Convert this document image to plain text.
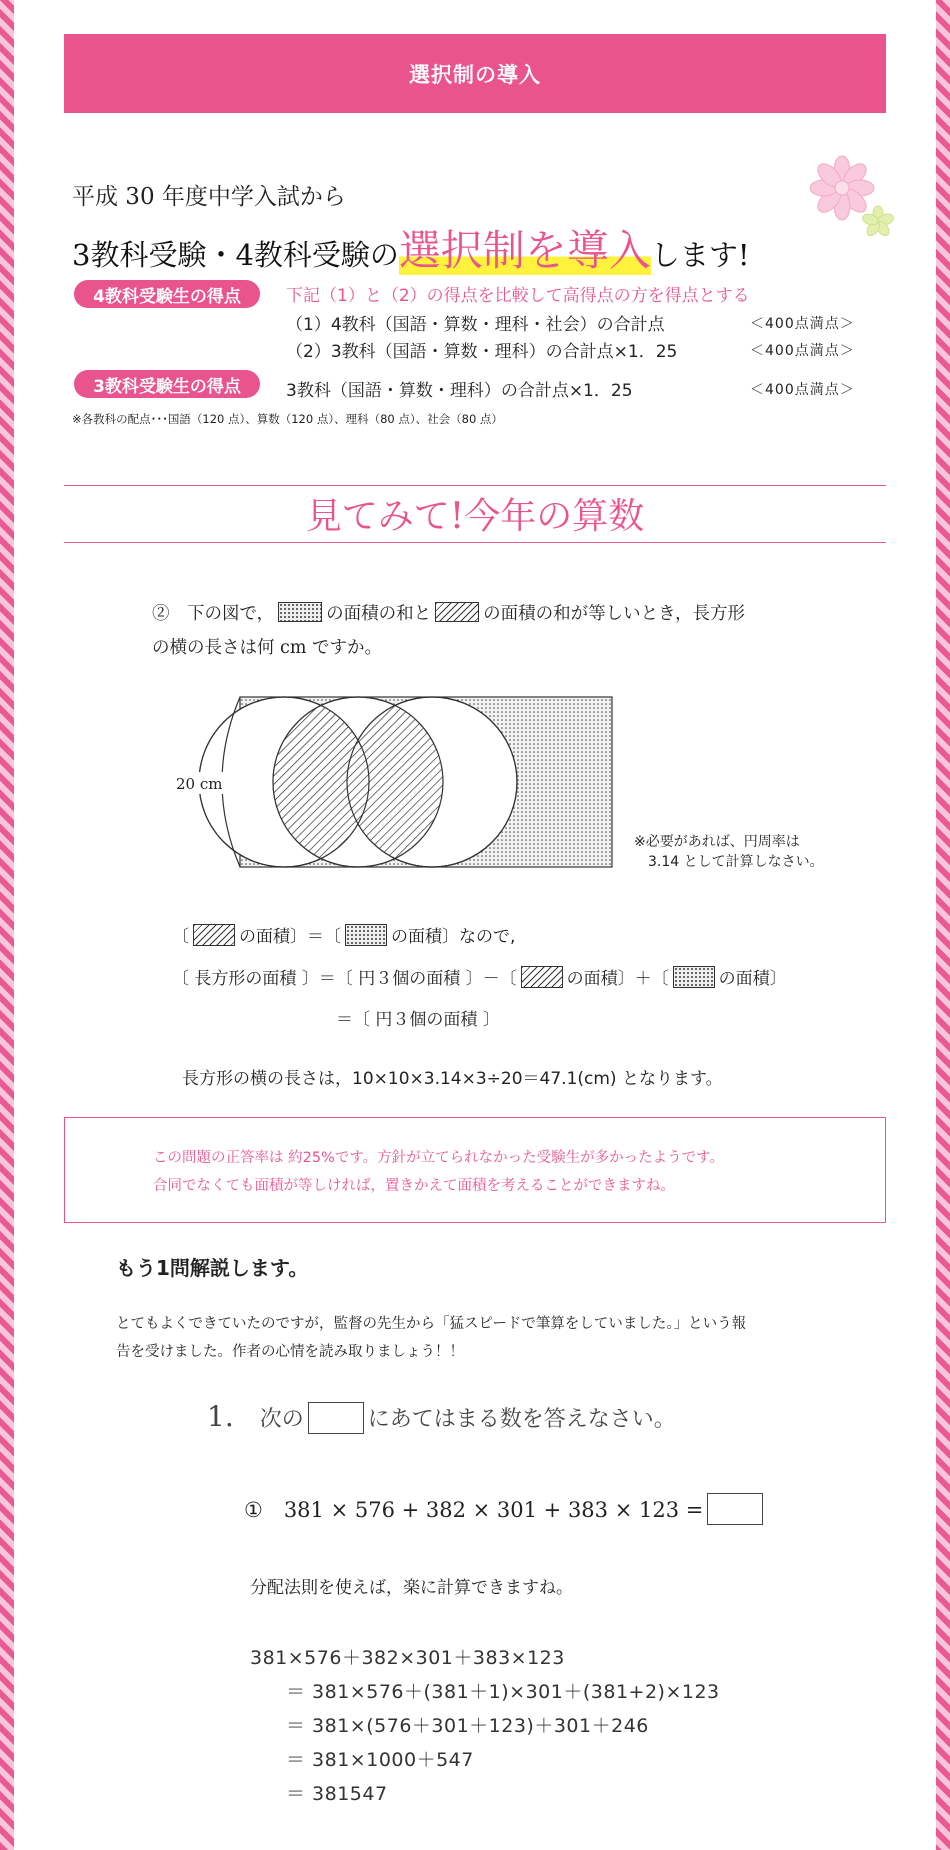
選択制の導入
平成 30 年度中学入試から
3教科受験・4教科受験の選択制を導入します!
4教科受験生の得点	下記（1）と（2）の得点を比較して高得点の方を得点とする
（1）4教科（国語・算数・理科・社会）の合計点	＜400点満点＞
（2）3教科（国語・算数・理科）の合計点×1．25	＜400点満点＞
3教科受験生の得点	3教科（国語・算数・理科）の合計点×1．25	＜400点満点＞
※各教科の配点･･･国語（120 点）、算数（120 点）、理科（80 点）、社会（80 点）
見てみて!今年の算数
②　下の図で，	の面積の和と	の面積の和が等しいとき，長方形
の横の長さは何 cm ですか。
20 cm
※必要があれば、円周率は
3.14 として計算しなさい。
〔	の面積〕＝〔	の面積〕なので,
〔 長方形の面積 〕＝〔 円３個の面積 〕－〔	の面積〕＋〔	の面積〕
＝〔 円３個の面積 〕
長方形の横の長さは，10×10×3.14×3÷20＝47.1(cm) となります。
この問題の正答率は 約25%です。方針が立てられなかった受験生が多かったようです。
合同でなくても面積が等しければ，置きかえて面積を考えることができますね。
もう1問解説します。
とてもよくできていたのですが，監督の先生から「猛スピードで筆算をしていました。」という報
告を受けました。作者の心情を読み取りましょう！！
1. 次の	にあてはまる数を答えなさい。
①　381 × 576 + 382 × 301 + 383 × 123 =
分配法則を使えば，楽に計算できますね。
381×576＋382×301＋383×123
＝ 381×576＋(381＋1)×301＋(381+2)×123
＝ 381×(576＋301＋123)＋301＋246
＝ 381×1000＋547
＝ 381547
